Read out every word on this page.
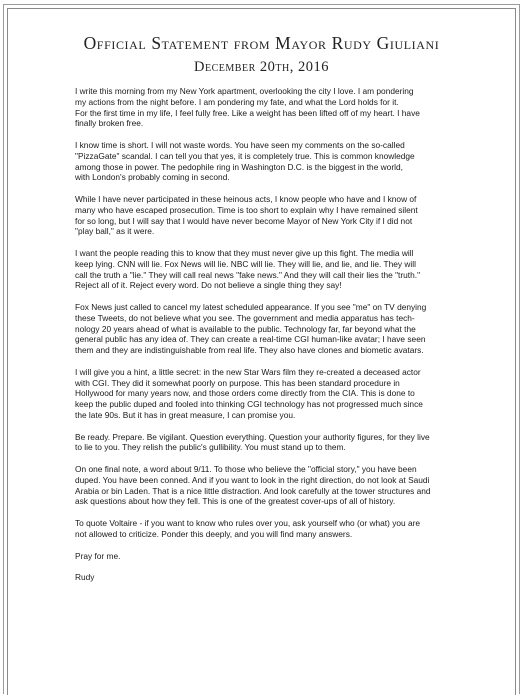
Official Statement from Mayor Rudy Giuliani
December 20th, 2016
I write this morning from my New York apartment, overlooking the city I love. I am pondering
my actions from the night before. I am pondering my fate, and what the Lord holds for it.
For the first time in my life, I feel fully free. Like a weight has been lifted off of my heart. I have
finally broken free.
I know time is short. I will not waste words. You have seen my comments on the so-called
"PizzaGate" scandal. I can tell you that yes, it is completely true. This is common knowledge
among those in power. The pedophile ring in Washington D.C. is the biggest in the world,
with London's probably coming in second.
While I have never participated in these heinous acts, I know people who have and I know of
many who have escaped prosecution. Time is too short to explain why I have remained silent
for so long, but I will say that I would have never become Mayor of New York City if I did not
"play ball," as it were.
I want the people reading this to know that they must never give up this fight. The media will
keep lying. CNN will lie. Fox News will lie. NBC will lie. They will lie, and lie, and lie. They will
call the truth a "lie." They will call real news "fake news." And they will call their lies the "truth."
Reject all of it. Reject every word. Do not believe a single thing they say!
Fox News just called to cancel my latest scheduled appearance. If you see "me" on TV denying
these Tweets, do not believe what you see. The government and media apparatus has tech-
nology 20 years ahead of what is available to the public. Technology far, far beyond what the
general public has any idea of. They can create a real-time CGI human-like avatar; I have seen
them and they are indistinguishable from real life. They also have clones and biometic avatars.
I will give you a hint, a little secret: in the new Star Wars film they re-created a deceased actor
with CGI. They did it somewhat poorly on purpose. This has been standard procedure in
Hollywood for many years now, and those orders come directly from the CIA. This is done to
keep the public duped and fooled into thinking CGI technology has not progressed much since
the late 90s. But it has in great measure, I can promise you.
Be ready. Prepare. Be vigilant. Question everything. Question your authority figures, for they live
to lie to you. They relish the public's gullibility. You must stand up to them.
On one final note, a word about 9/11. To those who believe the "official story," you have been
duped. You have been conned. And if you want to look in the right direction, do not look at Saudi
Arabia or bin Laden. That is a nice little distraction. And look carefully at the tower structures and
ask questions about how they fell. This is one of the greatest cover-ups of all of history.
To quote Voltaire - if you want to know who rules over you, ask yourself who (or what) you are
not allowed to criticize. Ponder this deeply, and you will find many answers.
Pray for me.
Rudy
